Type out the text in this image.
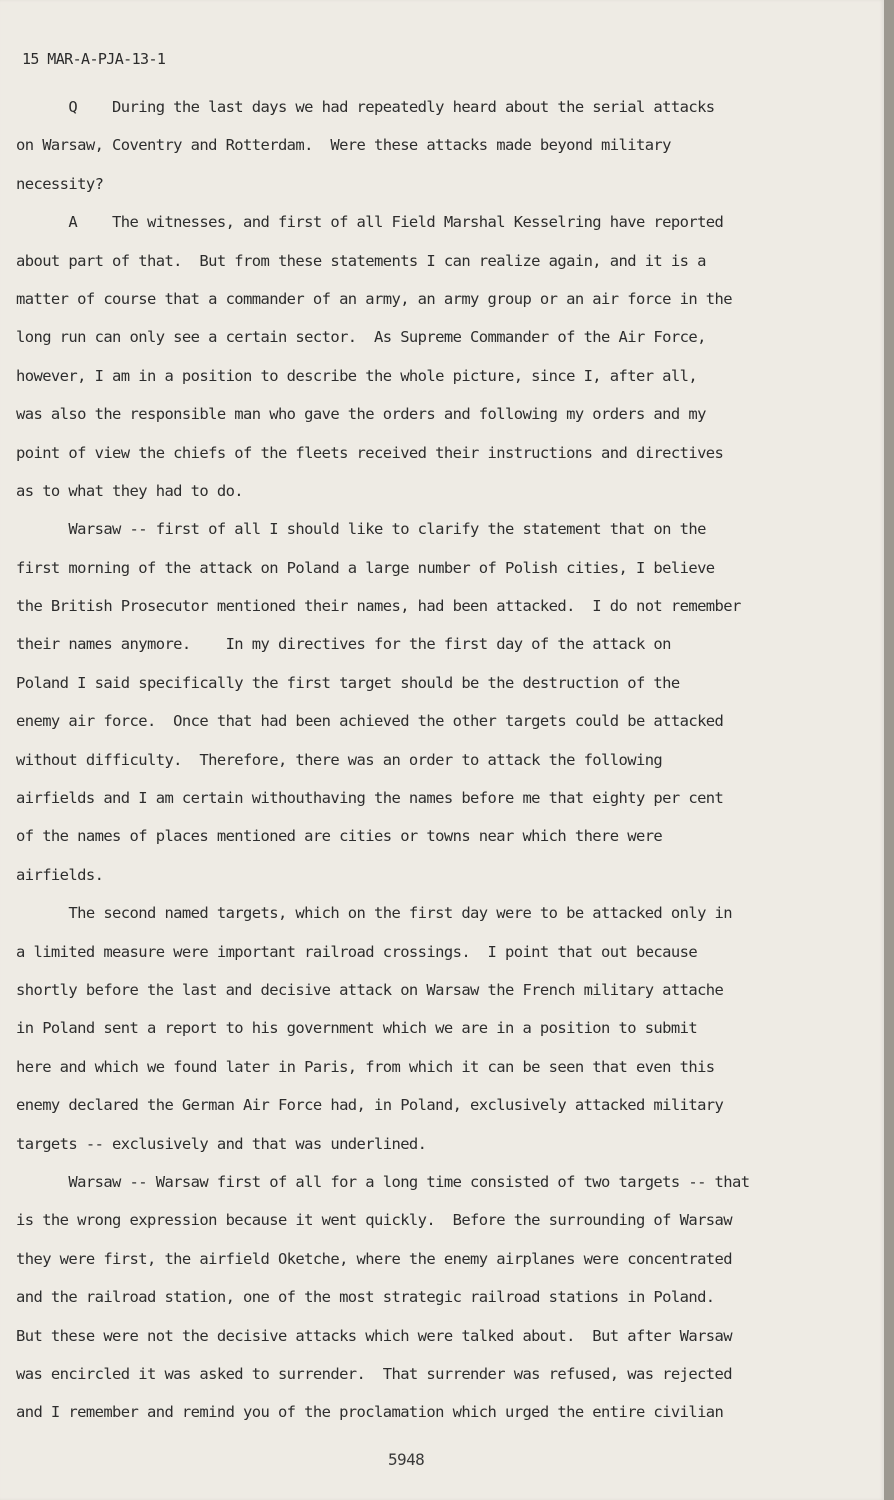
15 MAR-A-PJA-13-1
Q    During the last days we had repeatedly heard about the serial attacks
on Warsaw, Coventry and Rotterdam.  Were these attacks made beyond military
necessity?
A    The witnesses, and first of all Field Marshal Kesselring have reported
about part of that.  But from these statements I can realize again, and it is a
matter of course that a commander of an army, an army group or an air force in the
long run can only see a certain sector.  As Supreme Commander of the Air Force,
however, I am in a position to describe the whole picture, since I, after all,
was also the responsible man who gave the orders and following my orders and my
point of view the chiefs of the fleets received their instructions and directives
as to what they had to do.
Warsaw -- first of all I should like to clarify the statement that on the
first morning of the attack on Poland a large number of Polish cities, I believe
the British Prosecutor mentioned their names, had been attacked.  I do not remember
their names anymore.    In my directives for the first day of the attack on
Poland I said specifically the first target should be the destruction of the
enemy air force.  Once that had been achieved the other targets could be attacked
without difficulty.  Therefore, there was an order to attack the following
airfields and I am certain withouthaving the names before me that eighty per cent
of the names of places mentioned are cities or towns near which there were
airfields.
The second named targets, which on the first day were to be attacked only in
a limited measure were important railroad crossings.  I point that out because
shortly before the last and decisive attack on Warsaw the French military attache
in Poland sent a report to his government which we are in a position to submit
here and which we found later in Paris, from which it can be seen that even this
enemy declared the German Air Force had, in Poland, exclusively attacked military
targets -- exclusively and that was underlined.
Warsaw -- Warsaw first of all for a long time consisted of two targets -- that
is the wrong expression because it went quickly.  Before the surrounding of Warsaw
they were first, the airfield Oketche, where the enemy airplanes were concentrated
and the railroad station, one of the most strategic railroad stations in Poland.
But these were not the decisive attacks which were talked about.  But after Warsaw
was encircled it was asked to surrender.  That surrender was refused, was rejected
and I remember and remind you of the proclamation which urged the entire civilian
5948
